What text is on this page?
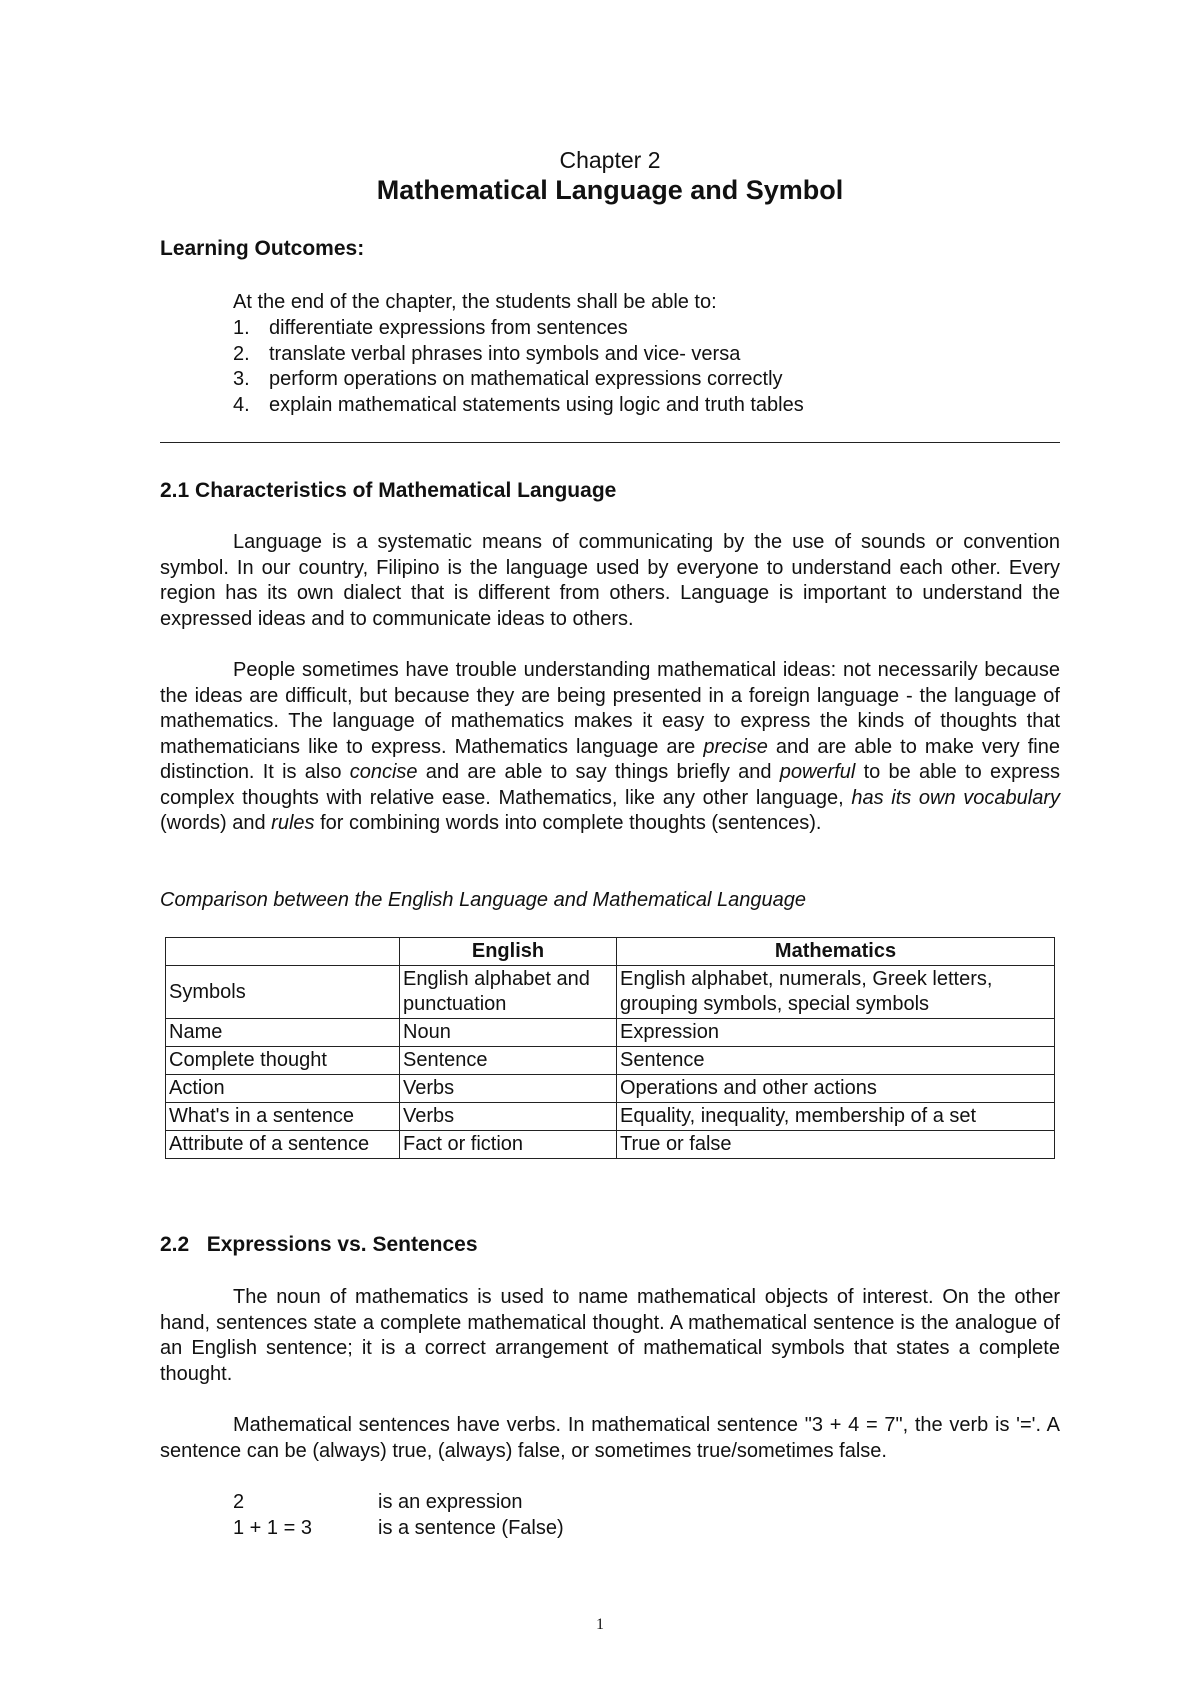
Chapter 2
Mathematical Language and Symbol
Learning Outcomes:
At the end of the chapter, the students shall be able to:
1. differentiate expressions from sentences
2. translate verbal phrases into symbols and vice- versa
3. perform operations on mathematical expressions correctly
4. explain mathematical statements using logic and truth tables
2.1 Characteristics of Mathematical Language

Language is a systematic means of communicating by the use of sounds or convention symbol. In our country, Filipino is the language used by everyone to understand each other. Every region has its own dialect that is different from others. Language is important to understand the expressed ideas and to communicate ideas to others.

People sometimes have trouble understanding mathematical ideas: not necessarily because the ideas are difficult, but because they are being presented in a foreign language - the language of mathematics. The language of mathematics makes it easy to express the kinds of thoughts that mathematicians like to express. Mathematics language are precise and are able to make very fine distinction. It is also concise and are able to say things briefly and powerful to be able to express complex thoughts with relative ease. Mathematics, like any other language, has its own vocabulary (words) and rules for combining words into complete thoughts (sentences).

Comparison between the English Language and Mathematical Language
	English	Mathematics
Symbols	English alphabet and punctuation	English alphabet, numerals, Greek letters, grouping symbols, special symbols
Name	Noun	Expression
Complete thought	Sentence	Sentence
Action	Verbs	Operations and other actions
What's in a sentence	Verbs	Equality, inequality, membership of a set
Attribute of a sentence	Fact or fiction	True or false
2.2   Expressions vs. Sentences

The noun of mathematics is used to name mathematical objects of interest. On the other hand, sentences state a complete mathematical thought. A mathematical sentence is the analogue of an English sentence; it is a correct arrangement of mathematical symbols that states a complete thought.

Mathematical sentences have verbs. In mathematical sentence "3 + 4 = 7", the verb is '='. A sentence can be (always) true, (always) false, or sometimes true/sometimes false.

2	is an expression
1 + 1 = 3	is a sentence (False)
1
